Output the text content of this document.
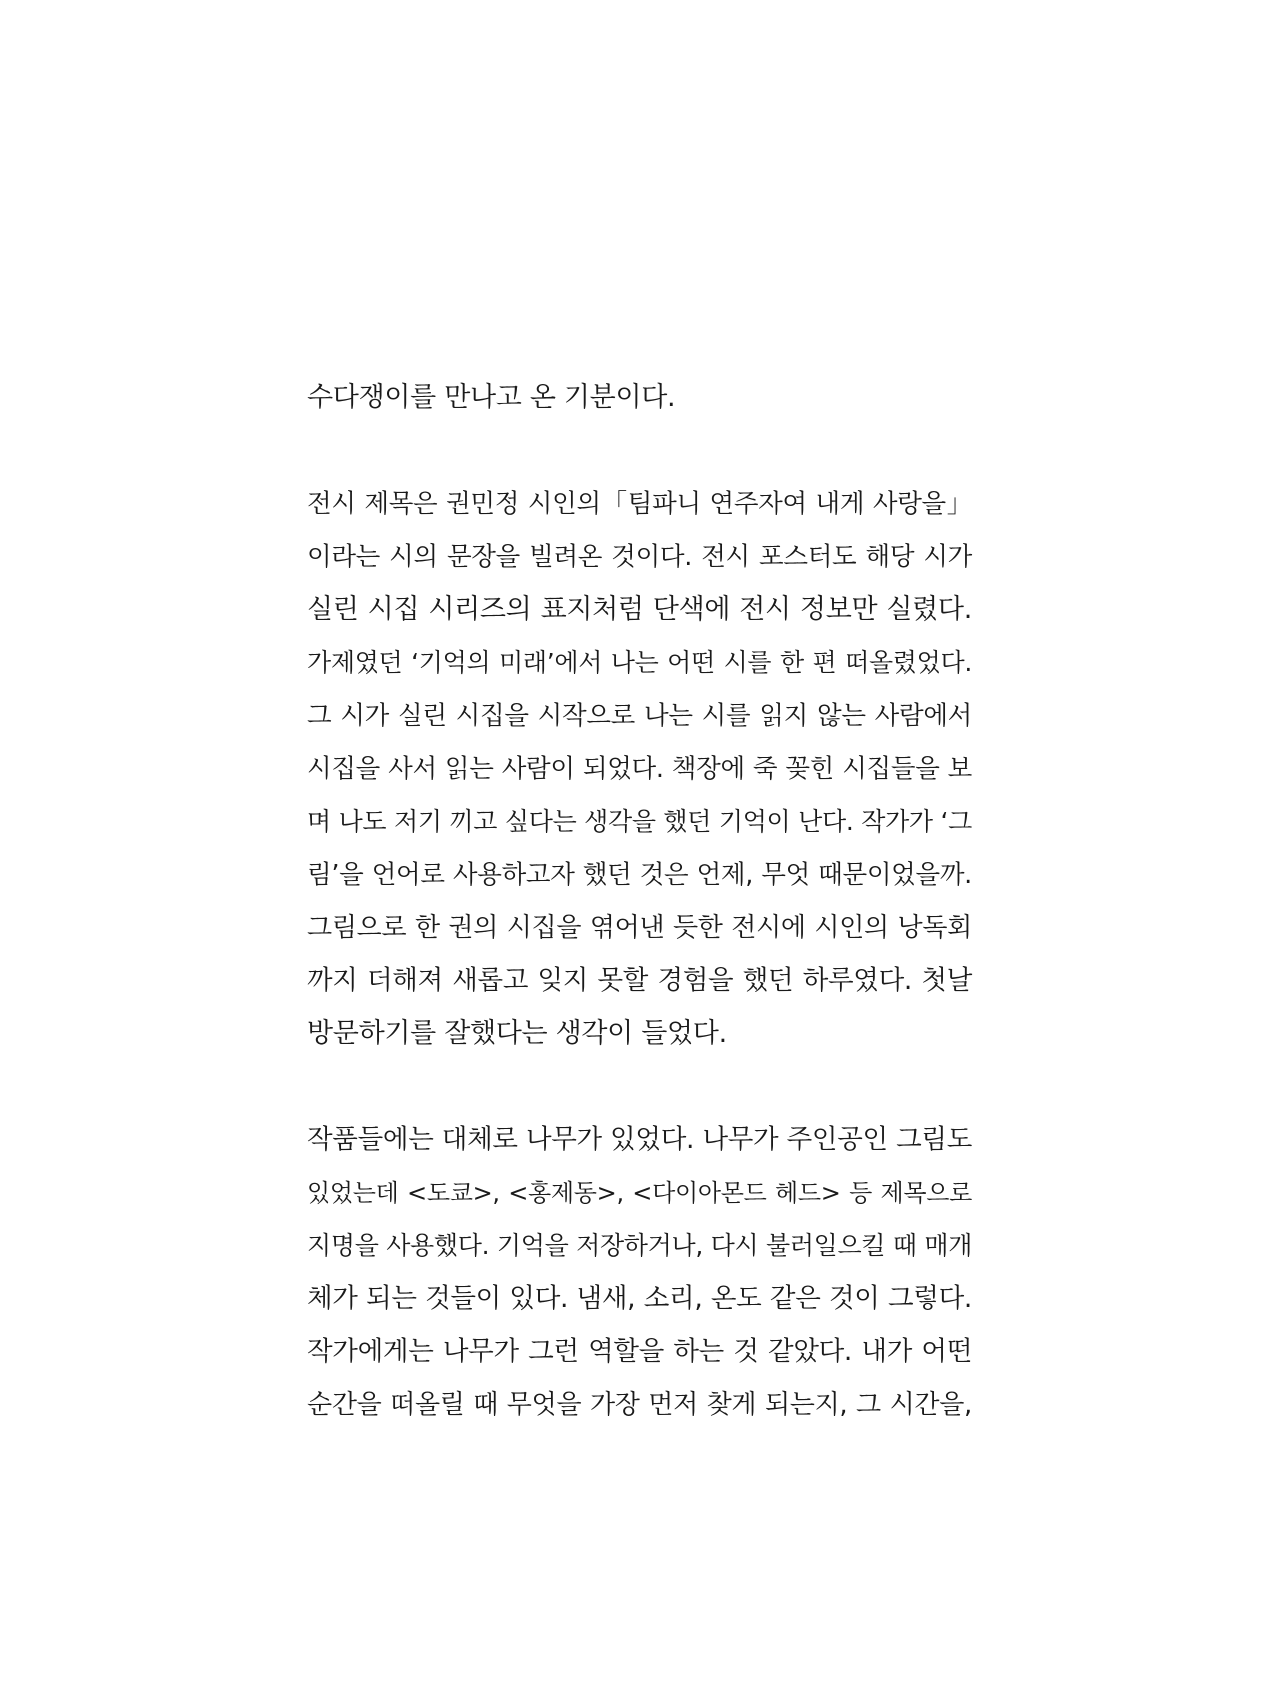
수다쟁이를 만나고 온 기분이다.
전시 제목은 권민정 시인의「팀파니 연주자여 내게 사랑을」
이라는 시의 문장을 빌려온 것이다. 전시 포스터도 해당 시가
실린 시집 시리즈의 표지처럼 단색에 전시 정보만 실렸다.
가제였던 ‘기억의 미래’에서 나는 어떤 시를 한 편 떠올렸었다.
그 시가 실린 시집을 시작으로 나는 시를 읽지 않는 사람에서
시집을 사서 읽는 사람이 되었다. 책장에 죽 꽂힌 시집들을 보
며 나도 저기 끼고 싶다는 생각을 했던 기억이 난다. 작가가 ‘그
림’을 언어로 사용하고자 했던 것은 언제, 무엇 때문이었을까.
그림으로 한 권의 시집을 엮어낸 듯한 전시에 시인의 낭독회
까지 더해져 새롭고 잊지 못할 경험을 했던 하루였다. 첫날
방문하기를 잘했다는 생각이 들었다.
작품들에는 대체로 나무가 있었다. 나무가 주인공인 그림도
있었는데 <도쿄>, <홍제동>, <다이아몬드 헤드> 등 제목으로
지명을 사용했다. 기억을 저장하거나, 다시 불러일으킬 때 매개
체가 되는 것들이 있다. 냄새, 소리, 온도 같은 것이 그렇다.
작가에게는 나무가 그런 역할을 하는 것 같았다. 내가 어떤
순간을 떠올릴 때 무엇을 가장 먼저 찾게 되는지, 그 시간을,
